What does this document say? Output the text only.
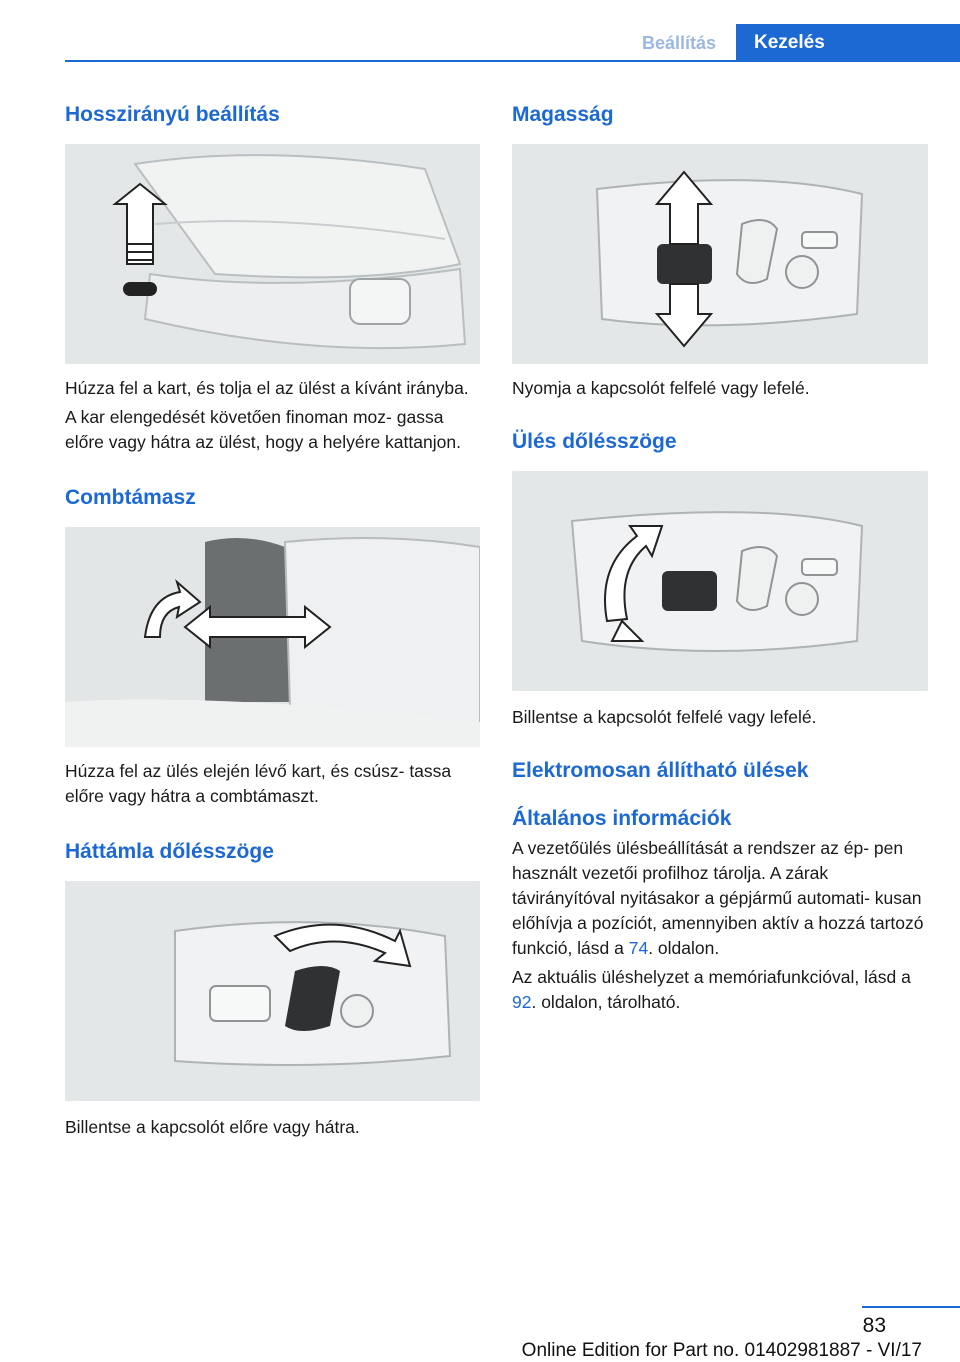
Beállítás	Kezelés
Hosszirányú beállítás

Húzza fel a kart, és tolja el az ülést a kívánt irányba.

A kar elengedését követően finoman moz- gassa előre vagy hátra az ülést, hogy a helyére kattanjon.

Combtámasz

Húzza fel az ülés elején lévő kart, és csúsz- tassa előre vagy hátra a combtámaszt.

Háttámla dőlésszöge

Billentse a kapcsolót előre vagy hátra.

Magasság

Nyomja a kapcsolót felfelé vagy lefelé.

Ülés dőlésszöge

Billentse a kapcsolót felfelé vagy lefelé.

Elektromosan állítható ülések
Általános információk

A vezetőülés ülésbeállítását a rendszer az ép- pen használt vezetői profilhoz tárolja. A zárak távirányítóval nyitásakor a gépjármű automati- kusan előhívja a pozíciót, amennyiben aktív a hozzá tartozó funkció, lásd a 74. oldalon.

Az aktuális üléshelyzet a memóriafunkcióval, lásd a 92. oldalon, tárolható.

83
Online Edition for Part no. 01402981887 - VI/17
